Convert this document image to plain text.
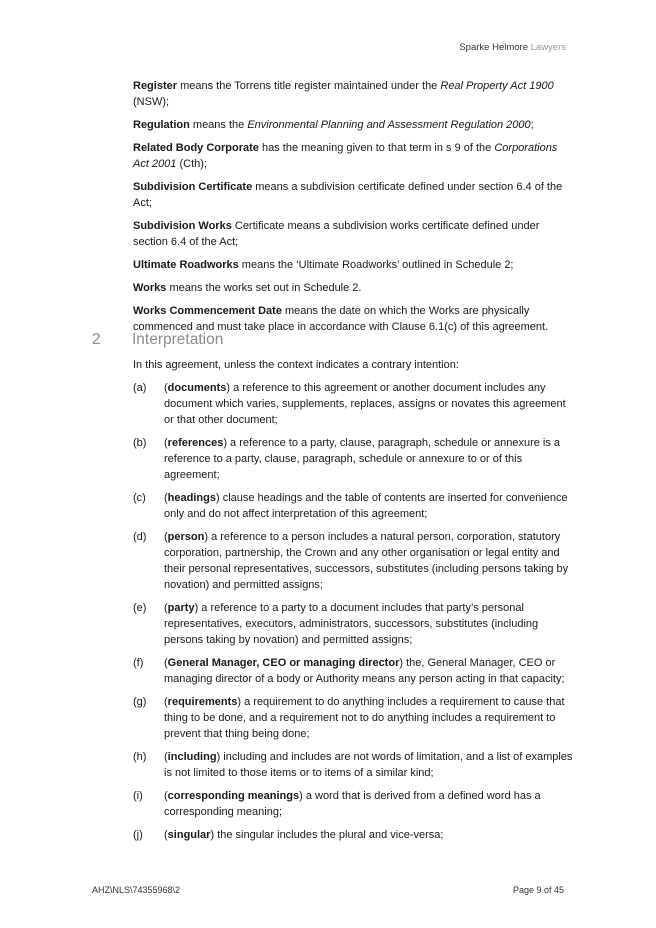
Sparke Helmore Lawyers

Register means the Torrens title register maintained under the Real Property Act 1900 (NSW);

Regulation means the Environmental Planning and Assessment Regulation 2000;

Related Body Corporate has the meaning given to that term in s 9 of the Corporations Act 2001 (Cth);

Subdivision Certificate means a subdivision certificate defined under section 6.4 of the Act;

Subdivision Works Certificate means a subdivision works certificate defined under section 6.4 of the Act;

Ultimate Roadworks means the ‘Ultimate Roadworks’ outlined in Schedule 2;

Works means the works set out in Schedule 2.

Works Commencement Date means the date on which the Works are physically commenced and must take place in accordance with Clause 6.1(c) of this agreement.

2 Interpretation
In this agreement, unless the context indicates a contrary intention:
(a)	(documents) a reference to this agreement or another document includes any document which varies, supplements, replaces, assigns or novates this agreement or that other document;
(b)	(references) a reference to a party, clause, paragraph, schedule or annexure is a reference to a party, clause, paragraph, schedule or annexure to or of this agreement;
(c)	(headings) clause headings and the table of contents are inserted for convenience only and do not affect interpretation of this agreement;
(d)	(person) a reference to a person includes a natural person, corporation, statutory corporation, partnership, the Crown and any other organisation or legal entity and their personal representatives, successors, substitutes (including persons taking by novation) and permitted assigns;
(e)	(party) a reference to a party to a document includes that party’s personal representatives, executors, administrators, successors, substitutes (including persons taking by novation) and permitted assigns;
(f)	(General Manager, CEO or managing director) the, General Manager, CEO or managing director of a body or Authority means any person acting in that capacity;
(g)	(requirements) a requirement to do anything includes a requirement to cause that thing to be done, and a requirement not to do anything includes a requirement to prevent that thing being done;
(h)	(including) including and includes are not words of limitation, and a list of examples is not limited to those items or to items of a similar kind;
(i)	(corresponding meanings) a word that is derived from a defined word has a corresponding meaning;
(j)	(singular) the singular includes the plural and vice-versa;
AHZ\NLS\74355968\2	Page 9 of 45
